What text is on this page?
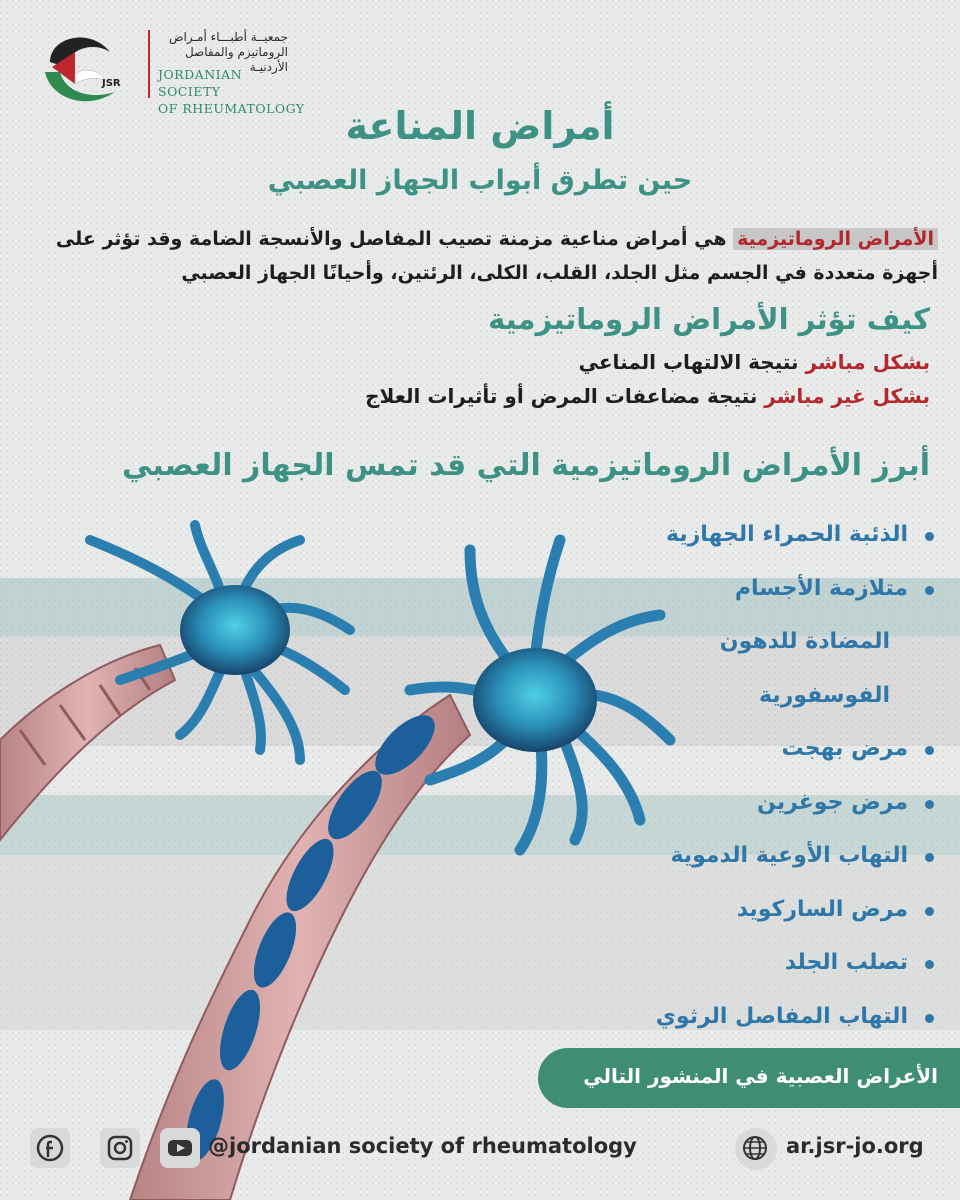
JSR
جمعيــة أطبـــاء أمـراض الروماتيزم والمفاصل الأردنيـة
JORDANIAN SOCIETY
OF RHEUMATOLOGY	أمراض المناعة
حين تطرق أبواب الجهاز العصبي
الأمراض الروماتيزمية هي أمراض مناعية مزمنة تصيب المفاصل والأنسجة الضامة وقد تؤثر على أجهزة متعددة في الجسم مثل الجلد، القلب، الكلى، الرئتين، وأحيانًا الجهاز العصبي
كيف تؤثر الأمراض الروماتيزمية
بشكل مباشر نتيجة الالتهاب المناعي
بشكل غير مباشر نتيجة مضاعفات المرض أو تأثيرات العلاج
أبرز الأمراض الروماتيزمية التي قد تمس الجهاز العصبي
الذئبة الحمراء الجهازية
متلازمة الأجسام
المضادة للدهون
الفوسفورية
مرض بهجت
مرض جوغرين
التهاب الأوعية الدموية
مرض الساركويد
تصلب الجلد
التهاب المفاصل الرثوي
الأعراض العصبية في المنشور التالي
@jordanian society of rheumatology	ar.jsr-jo.org
